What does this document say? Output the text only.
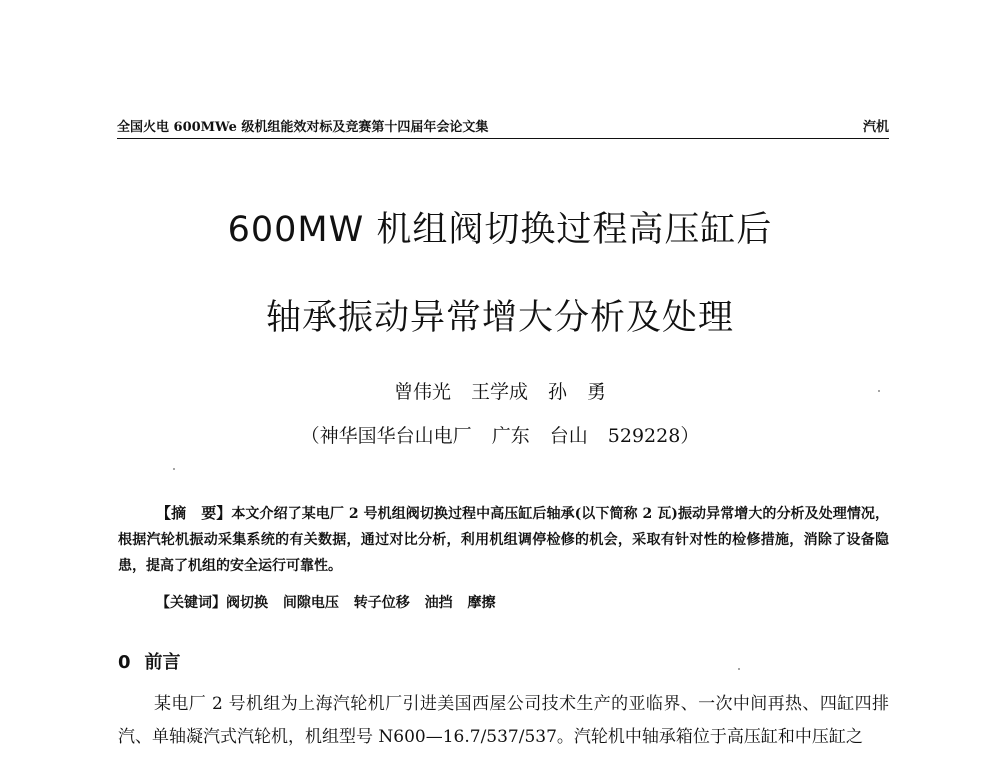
全国火电 600MWe 级机组能效对标及竞赛第十四届年会论文集	汽机
600MW 机组阀切换过程高压缸后
轴承振动异常增大分析及处理
曾伟光 王学成 孙 勇
（神华国华台山电厂 广东 台山 529228）
【摘　要】本文介绍了某电厂 2 号机组阀切换过程中高压缸后轴承(以下简称 2 瓦)振动异常增大的分析及处理情况，根据汽轮机振动采集系统的有关数据，通过对比分析，利用机组调停检修的机会，采取有针对性的检修措施，消除了设备隐患，提高了机组的安全运行可靠性。
【关键词】阀切换 间隙电压 转子位移 油挡 摩擦
0 前言
某电厂 2 号机组为上海汽轮机厂引进美国西屋公司技术生产的亚临界、一次中间再热、四缸四排汽、单轴凝汽式汽轮机，机组型号 N600—16.7/537/537。汽轮机中轴承箱位于高压缸和中压缸之
